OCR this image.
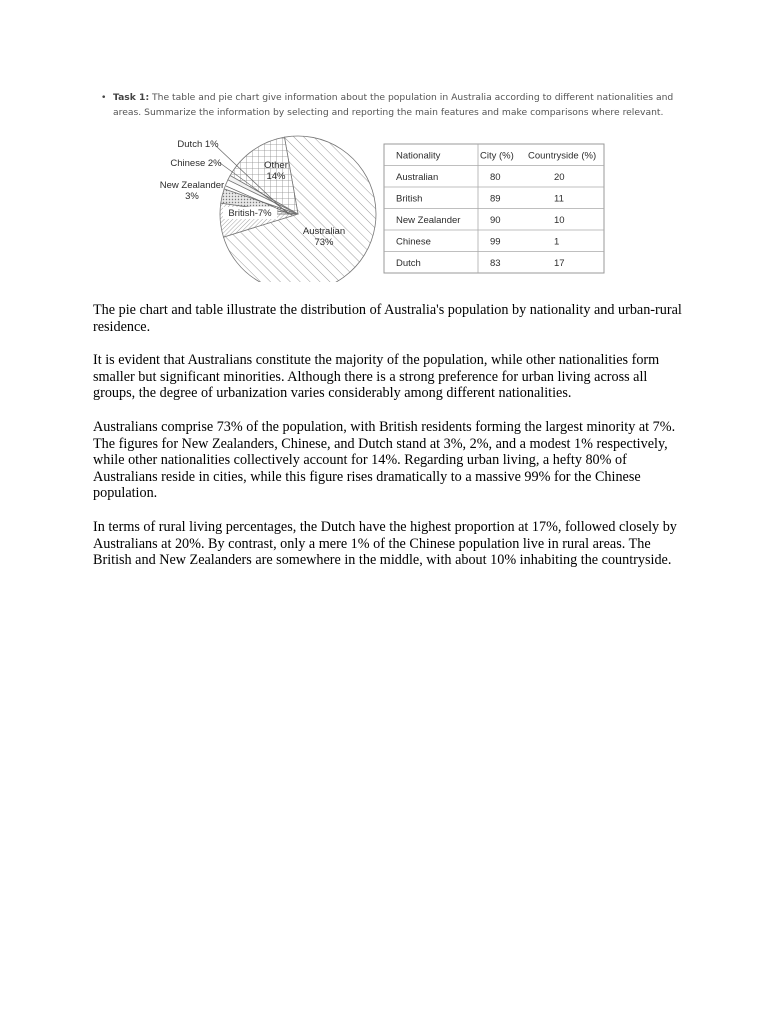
• Task 1: The table and pie chart give information about the population in Australia according to different nationalities and areas. Summarize the information by selecting and reporting the main features and make comparisons where relevant.
Australian 73%
British-7%
New Zealander 3%
Chinese 2%
Dutch 1%
Other 14%
Nationality	City (%) Countryside (%)
Australian	80	20
British	89	11
New Zealander	90	10
Chinese	99	1
Dutch	83	17

The pie chart and table illustrate the distribution of Australia's population by nationality and urban-rural residence.

It is evident that Australians constitute the majority of the population, while other nationalities form smaller but significant minorities. Although there is a strong preference for urban living across all groups, the degree of urbanization varies considerably among different nationalities.

Australians comprise 73% of the population, with British residents forming the largest minority at 7%. The figures for New Zealanders, Chinese, and Dutch stand at 3%, 2%, and a modest 1% respectively, while other nationalities collectively account for 14%. Regarding urban living, a hefty 80% of Australians reside in cities, while this figure rises dramatically to a massive 99% for the Chinese population.

In terms of rural living percentages, the Dutch have the highest proportion at 17%, followed closely by Australians at 20%. By contrast, only a mere 1% of the Chinese population live in rural areas. The British and New Zealanders are somewhere in the middle, with about 10% inhabiting the countryside.
